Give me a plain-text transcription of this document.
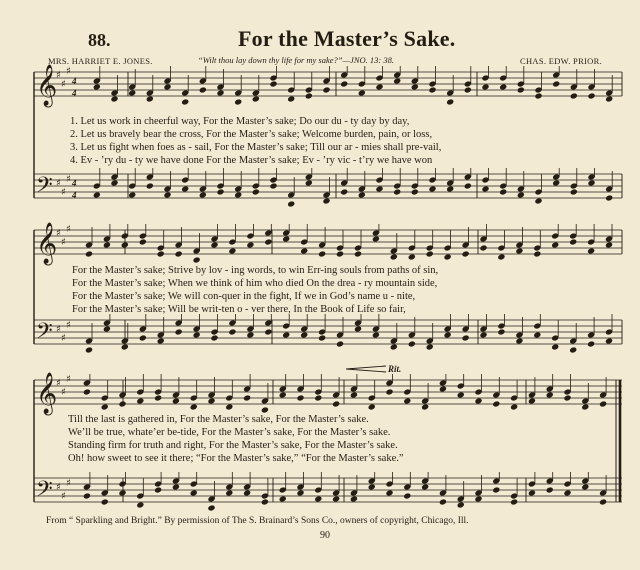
88.	For the Master’s Sake.
MRS. HARRIET E. JONES.	“Wilt thou lay down thy life for my sake?”—JNO. 13: 38.	CHAS. EDW. PRIOR.
𝄞
𝄢
♯
♯
♯
♯
♯
♯
4
4
4
4
1. Let us work in cheerful way, For the Master’s sake; Do our du - ty day by day,
2. Let us bravely bear the cross, For the Master’s sake; Welcome burden, pain, or loss,
3. Let us fight when foes as - sail, For the Master’s sake; Till our ar - mies shall pre-vail,
4. Ev - ’ry du - ty we have done For the Master’s sake; Ev - ’ry vic - t’ry we have won
𝄞
𝄢
♯
♯
♯
♯
♯
♯
For the Master’s sake; Strive by lov - ing words, to win Err-ing souls from paths of sin,
For the Master’s sake; When we think of him who died On the drea - ry mountain side,
For the Master’s sake; We will con-quer in the fight, If we in God’s name u - nite,
For the Master’s sake; Will be writ-ten o - ver there, In the Book of Life so fair,
𝄞
𝄢
♯
♯
♯
♯
♯
♯
Rit.
Till the last is gathered in, For the Master’s sake, For the Master’s sake.
We’ll be true, whate’er be-tide, For the Master’s sake, For the Master’s sake.
Standing firm for truth and right, For the Master’s sake, For the Master’s sake.
Oh! how sweet to see it there; “For the Master’s sake,” “For the Master’s sake.”
From “ Sparkling and Bright.” By permission of The S. Brainard’s Sons Co., owners of copyright, Chicago, Ill.
90
